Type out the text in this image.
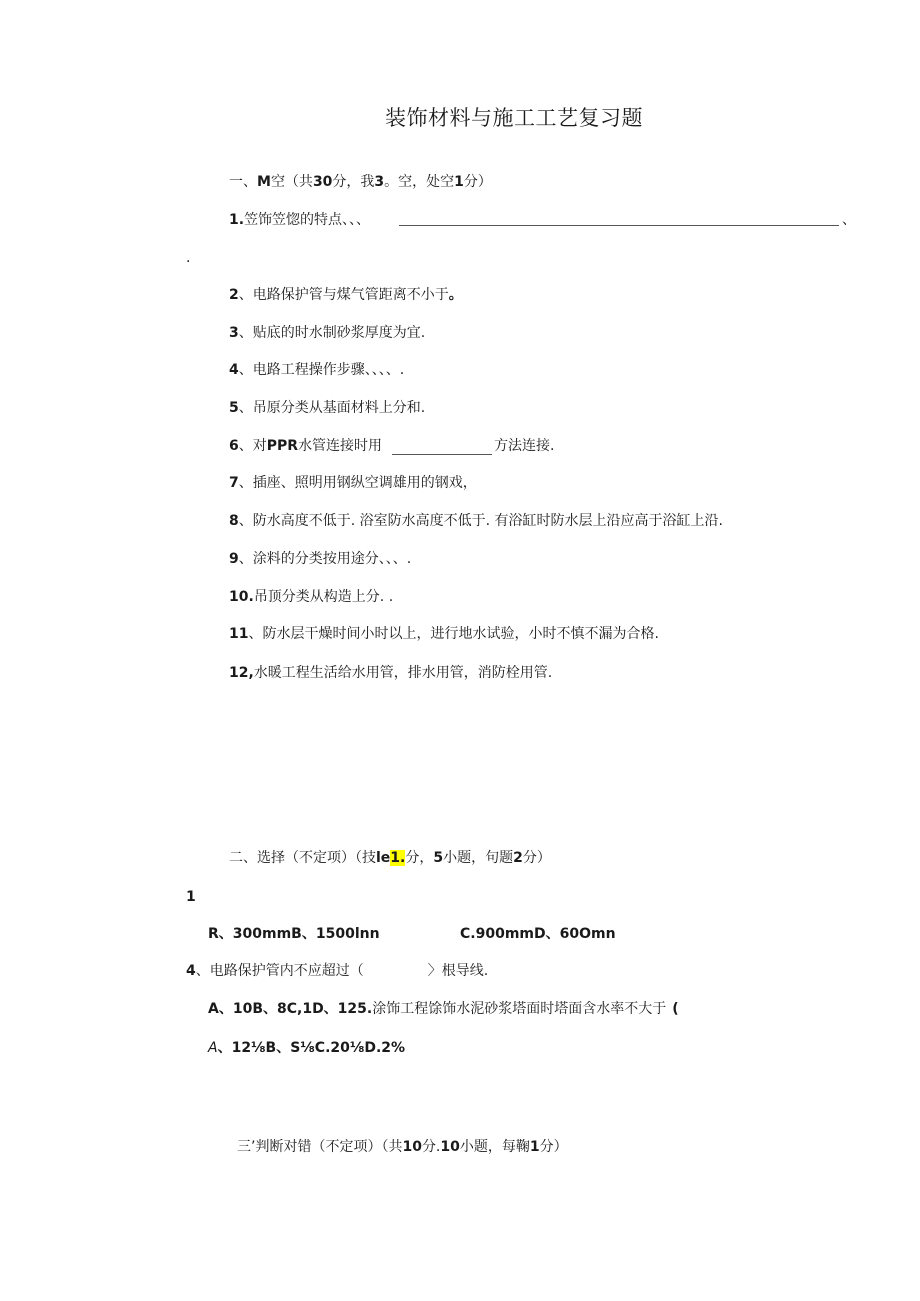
装饰材料与施工工艺复习题
一、M空（共30分，我3。空，处空1分）
1.笠饰笠惚的特点、、、	、
.
2、电路保护管与煤气管距离不小于。
3、贴底的时水制砂浆厚度为宜.
4、电路工程操作步骤、、、、.
5、吊原分类从基面材料上分和.
6、对PPR水管连接时用	方法连接.
7、插座、照明用钢纵空调雄用的钢戏，
8、防水高度不低于. 浴室防水高度不低于. 有浴缸时防水层上沿应高于浴缸上沿.
9、涂料的分类按用途分、、、.
10.吊顶分类从构造上分. .
11、防水层干燥时间小时以上，进行地水试验，小时不慎不漏为合格.
12,水暖工程生活给水用管，排水用管，消防栓用管.
二、选择（不定项）（技le1.分，5小题，句题2分）
1
R、300mmB、1500lnn	C.900mmD、60Omn
4、电路保护管内不应超过（	〉根导线.
A、10B、8C,1D、125.涂饰工程馀饰水泥砂浆塔面时塔面含水率不大于 (
A、12⅛B、S⅛C.20⅛D.2%
三’判断对错（不定项）（共10分.10小题，每鞠1分）
